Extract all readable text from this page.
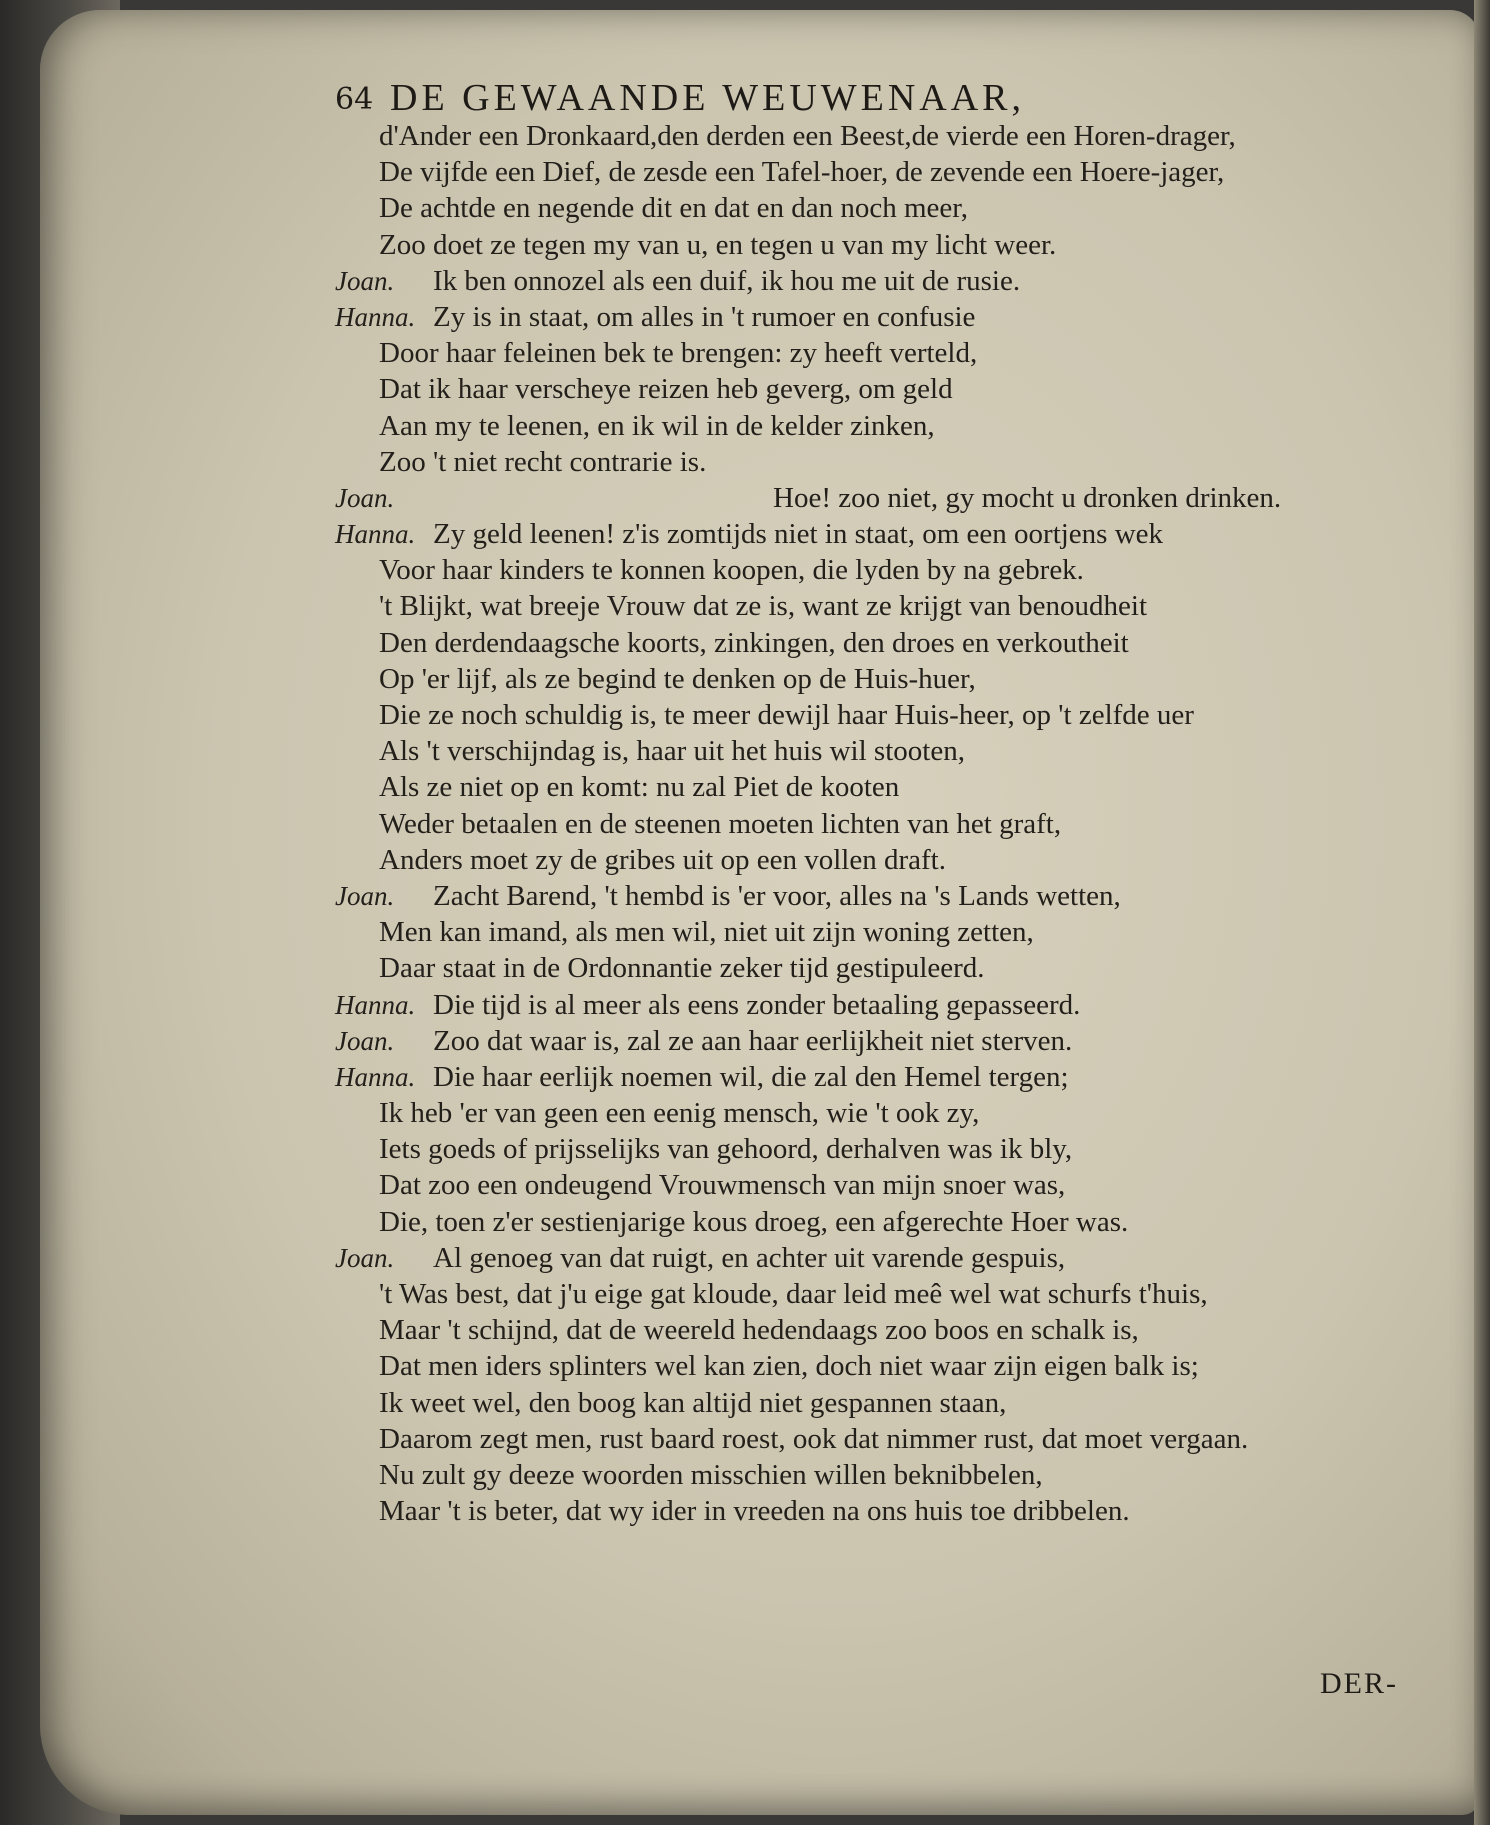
64 DE GEWAANDE WEUWENAAR,
d'Ander een Dronkaard,den derden een Beest,de vierde een Horen-drager,
De vijfde een Dief, de zesde een Tafel-hoer, de zevende een Hoere-jager,
De achtde en negende dit en dat en dan noch meer,
Zoo doet ze tegen my van u, en tegen u van my licht weer.
Joan. Ik ben onnozel als een duif, ik hou me uit de rusie.
Hanna. Zy is in staat, om alles in 't rumoer en confusie
Door haar feleinen bek te brengen: zy heeft verteld,
Dat ik haar verscheye reizen heb geverg, om geld
Aan my te leenen, en ik wil in de kelder zinken,
Zoo 't niet recht contrarie is.
Joan.	Hoe! zoo niet, gy mocht u dronken drinken.
Hanna. Zy geld leenen! z'is zomtijds niet in staat, om een oortjens wek
Voor haar kinders te konnen koopen, die lyden by na gebrek.
't Blijkt, wat breeje Vrouw dat ze is, want ze krijgt van benoudheit
Den derdendaagsche koorts, zinkingen, den droes en verkoutheit
Op 'er lijf, als ze begind te denken op de Huis-huer,
Die ze noch schuldig is, te meer dewijl haar Huis-heer, op 't zelfde uer
Als 't verschijndag is, haar uit het huis wil stooten,
Als ze niet op en komt: nu zal Piet de kooten
Weder betaalen en de steenen moeten lichten van het graft,
Anders moet zy de gribes uit op een vollen draft.
Joan. Zacht Barend, 't hembd is 'er voor, alles na 's Lands wetten,
Men kan imand, als men wil, niet uit zijn woning zetten,
Daar staat in de Ordonnantie zeker tijd gestipuleerd.
Hanna. Die tijd is al meer als eens zonder betaaling gepasseerd.
Joan. Zoo dat waar is, zal ze aan haar eerlijkheit niet sterven.
Hanna. Die haar eerlijk noemen wil, die zal den Hemel tergen;
Ik heb 'er van geen een eenig mensch, wie 't ook zy,
Iets goeds of prijsselijks van gehoord, derhalven was ik bly,
Dat zoo een ondeugend Vrouwmensch van mijn snoer was,
Die, toen z'er sestienjarige kous droeg, een afgerechte Hoer was.
Joan. Al genoeg van dat ruigt, en achter uit varende gespuis,
't Was best, dat j'u eige gat kloude, daar leid meê wel wat schurfs t'huis,
Maar 't schijnd, dat de weereld hedendaags zoo boos en schalk is,
Dat men iders splinters wel kan zien, doch niet waar zijn eigen balk is;
Ik weet wel, den boog kan altijd niet gespannen staan,
Daarom zegt men, rust baard roest, ook dat nimmer rust, dat moet vergaan.
Nu zult gy deeze woorden misschien willen beknibbelen,
Maar 't is beter, dat wy ider in vreeden na ons huis toe dribbelen.
DER-
